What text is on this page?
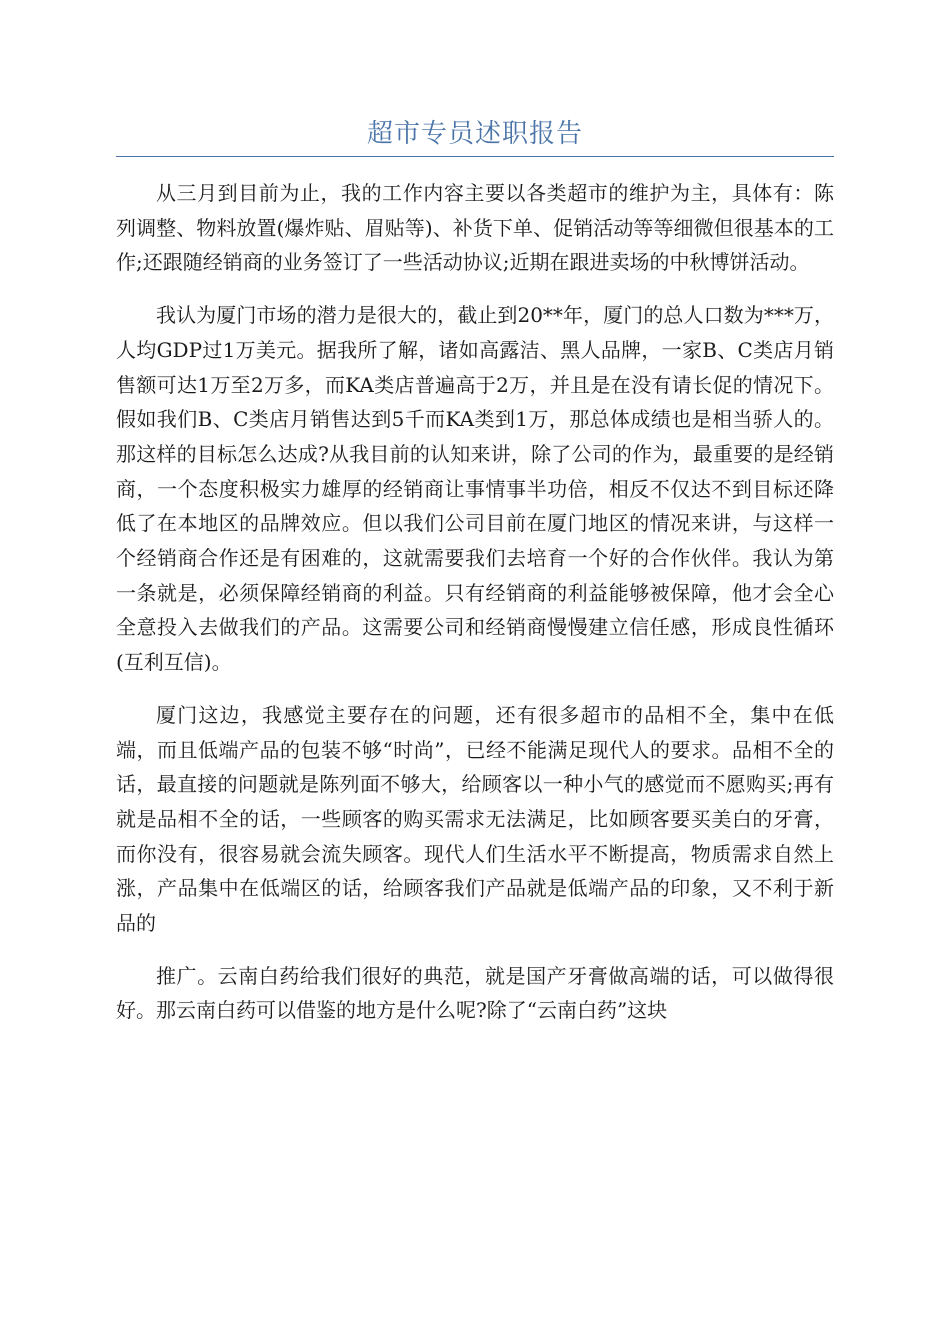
超市专员述职报告

从三月到目前为止，我的工作内容主要以各类超市的维护为主，具体有：陈列调整、物料放置(爆炸贴、眉贴等)、补货下单、促销活动等等细微但很基本的工作;还跟随经销商的业务签订了一些活动协议;近期在跟进卖场的中秋博饼活动。

我认为厦门市场的潜力是很大的，截止到20**年，厦门的总人口数为***万，人均GDP过1万美元。据我所了解，诸如高露洁、黑人品牌，一家B、C类店月销售额可达1万至2万多，而KA类店普遍高于2万，并且是在没有请长促的情况下。假如我们B、C类店月销售达到5千而KA类到1万，那总体成绩也是相当骄人的。那这样的目标怎么达成?从我目前的认知来讲，除了公司的作为，最重要的是经销商，一个态度积极实力雄厚的经销商让事情事半功倍，相反不仅达不到目标还降低了在本地区的品牌效应。但以我们公司目前在厦门地区的情况来讲，与这样一个经销商合作还是有困难的，这就需要我们去培育一个好的合作伙伴。我认为第一条就是，必须保障经销商的利益。只有经销商的利益能够被保障，他才会全心全意投入去做我们的产品。这需要公司和经销商慢慢建立信任感，形成良性循环(互利互信)。

厦门这边，我感觉主要存在的问题，还有很多超市的品相不全，集中在低端，而且低端产品的包装不够“时尚”，已经不能满足现代人的要求。品相不全的话，最直接的问题就是陈列面不够大，给顾客以一种小气的感觉而不愿购买;再有就是品相不全的话，一些顾客的购买需求无法满足，比如顾客要买美白的牙膏，而你没有，很容易就会流失顾客。现代人们生活水平不断提高，物质需求自然上涨，产品集中在低端区的话，给顾客我们产品就是低端产品的印象，又不利于新品的

推广。云南白药给我们很好的典范，就是国产牙膏做高端的话，可以做得很好。那云南白药可以借鉴的地方是什么呢?除了“云南白药”这块
